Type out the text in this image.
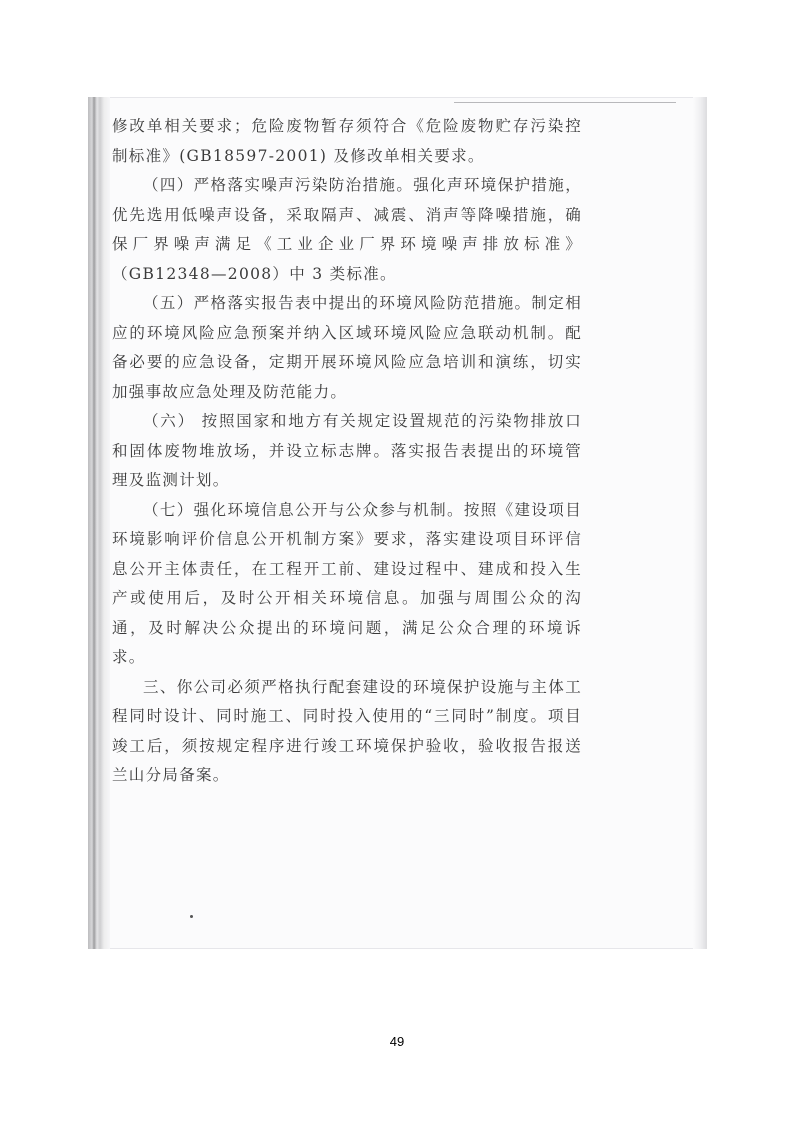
修改单相关要求；危险废物暂存须符合《危险废物贮存污染控制标准》(GB18597-2001) 及修改单相关要求。

（四）严格落实噪声污染防治措施。强化声环境保护措施，优先选用低噪声设备，采取隔声、减震、消声等降噪措施，确保厂界噪声满足《工业企业厂界环境噪声排放标准》（GB12348—2008）中 3 类标准。

（五）严格落实报告表中提出的环境风险防范措施。制定相应的环境风险应急预案并纳入区域环境风险应急联动机制。配备必要的应急设备，定期开展环境风险应急培训和演练，切实加强事故应急处理及防范能力。

（六） 按照国家和地方有关规定设置规范的污染物排放口和固体废物堆放场，并设立标志牌。落实报告表提出的环境管理及监测计划。

（七）强化环境信息公开与公众参与机制。按照《建设项目环境影响评价信息公开机制方案》要求，落实建设项目环评信息公开主体责任，在工程开工前、建设过程中、建成和投入生产或使用后，及时公开相关环境信息。加强与周围公众的沟通，及时解决公众提出的环境问题，满足公众合理的环境诉求。

三、你公司必须严格执行配套建设的环境保护设施与主体工程同时设计、同时施工、同时投入使用的“三同时”制度。项目竣工后，须按规定程序进行竣工环境保护验收，验收报告报送兰山分局备案。

49
